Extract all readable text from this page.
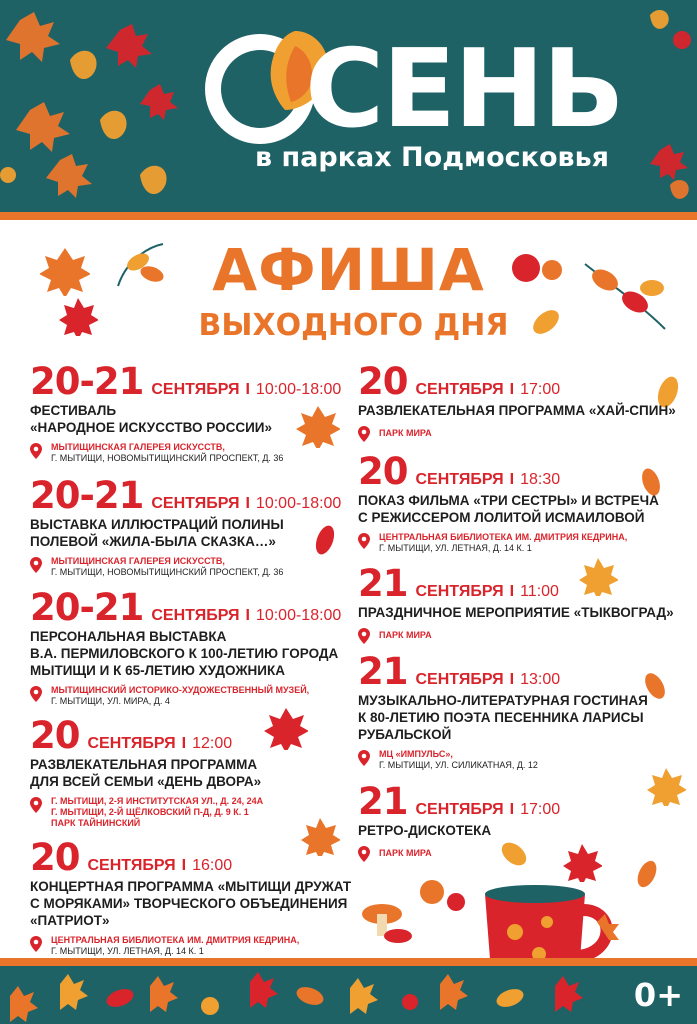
СЕНЬ
в парках Подмосковья
АФИША
ВЫХОДНОГО ДНЯ
20-21 СЕНТЯБРЯ I 10:00-18:00
ФЕСТИВАЛЬ
«НАРОДНОЕ ИСКУССТВО РОССИИ»
МЫТИЩИНСКАЯ ГАЛЕРЕЯ ИСКУССТВ,
Г. МЫТИЩИ, НОВОМЫТИЩИНСКИЙ ПРОСПЕКТ, Д. 36
20-21 СЕНТЯБРЯ I 10:00-18:00
ВЫСТАВКА ИЛЛЮСТРАЦИЙ ПОЛИНЫ
ПОЛЕВОЙ «ЖИЛА-БЫЛА СКАЗКА…»
МЫТИЩИНСКАЯ ГАЛЕРЕЯ ИСКУССТВ,
Г. МЫТИЩИ, НОВОМЫТИЩИНСКИЙ ПРОСПЕКТ, Д. 36
20-21 СЕНТЯБРЯ I 10:00-18:00
ПЕРСОНАЛЬНАЯ ВЫСТАВКА
В.А. ПЕРМИЛОВСКОГО К 100-ЛЕТИЮ ГОРОДА
МЫТИЩИ И К 65-ЛЕТИЮ ХУДОЖНИКА
МЫТИЩИНСКИЙ ИСТОРИКО-ХУДОЖЕСТВЕННЫЙ МУЗЕЙ,
Г. МЫТИЩИ, УЛ. МИРА, Д. 4
20 СЕНТЯБРЯ I 12:00
РАЗВЛЕКАТЕЛЬНАЯ ПРОГРАММА
ДЛЯ ВСЕЙ СЕМЬИ «ДЕНЬ ДВОРА»
Г. МЫТИЩИ, 2-Я ИНСТИТУТСКАЯ УЛ., Д. 24, 24А
Г. МЫТИЩИ, 2-Й ЩЁЛКОВСКИЙ П-Д, Д. 9 К. 1
ПАРК ТАЙНИНСКИЙ
20 СЕНТЯБРЯ I 16:00
КОНЦЕРТНАЯ ПРОГРАММА «МЫТИЩИ ДРУЖАТ
С МОРЯКАМИ» ТВОРЧЕСКОГО ОБЪЕДИНЕНИЯ
«ПАТРИОТ»
ЦЕНТРАЛЬНАЯ БИБЛИОТЕКА ИМ. ДМИТРИЯ КЕДРИНА,
Г. МЫТИЩИ, УЛ. ЛЕТНАЯ, Д. 14 К. 1
20 СЕНТЯБРЯ I 17:00
РАЗВЛЕКАТЕЛЬНАЯ ПРОГРАММА «ХАЙ-СПИН»
ПАРК МИРА
20 СЕНТЯБРЯ I 18:30
ПОКАЗ ФИЛЬМА «ТРИ СЕСТРЫ» И ВСТРЕЧА
С РЕЖИССЕРОМ ЛОЛИТОЙ ИСМАИЛОВОЙ
ЦЕНТРАЛЬНАЯ БИБЛИОТЕКА ИМ. ДМИТРИЯ КЕДРИНА,
Г. МЫТИЩИ, УЛ. ЛЕТНАЯ, Д. 14 К. 1
21 СЕНТЯБРЯ I 11:00
ПРАЗДНИЧНОЕ МЕРОПРИЯТИЕ «ТЫКВОГРАД»
ПАРК МИРА
21 СЕНТЯБРЯ I 13:00
МУЗЫКАЛЬНО-ЛИТЕРАТУРНАЯ ГОСТИНАЯ
К 80-ЛЕТИЮ ПОЭТА ПЕСЕННИКА ЛАРИСЫ
РУБАЛЬСКОЙ
МЦ «ИМПУЛЬС»,
Г. МЫТИЩИ, УЛ. СИЛИКАТНАЯ, Д. 12
21 СЕНТЯБРЯ I 17:00
РЕТРО-ДИСКОТЕКА
ПАРК МИРА
0+
